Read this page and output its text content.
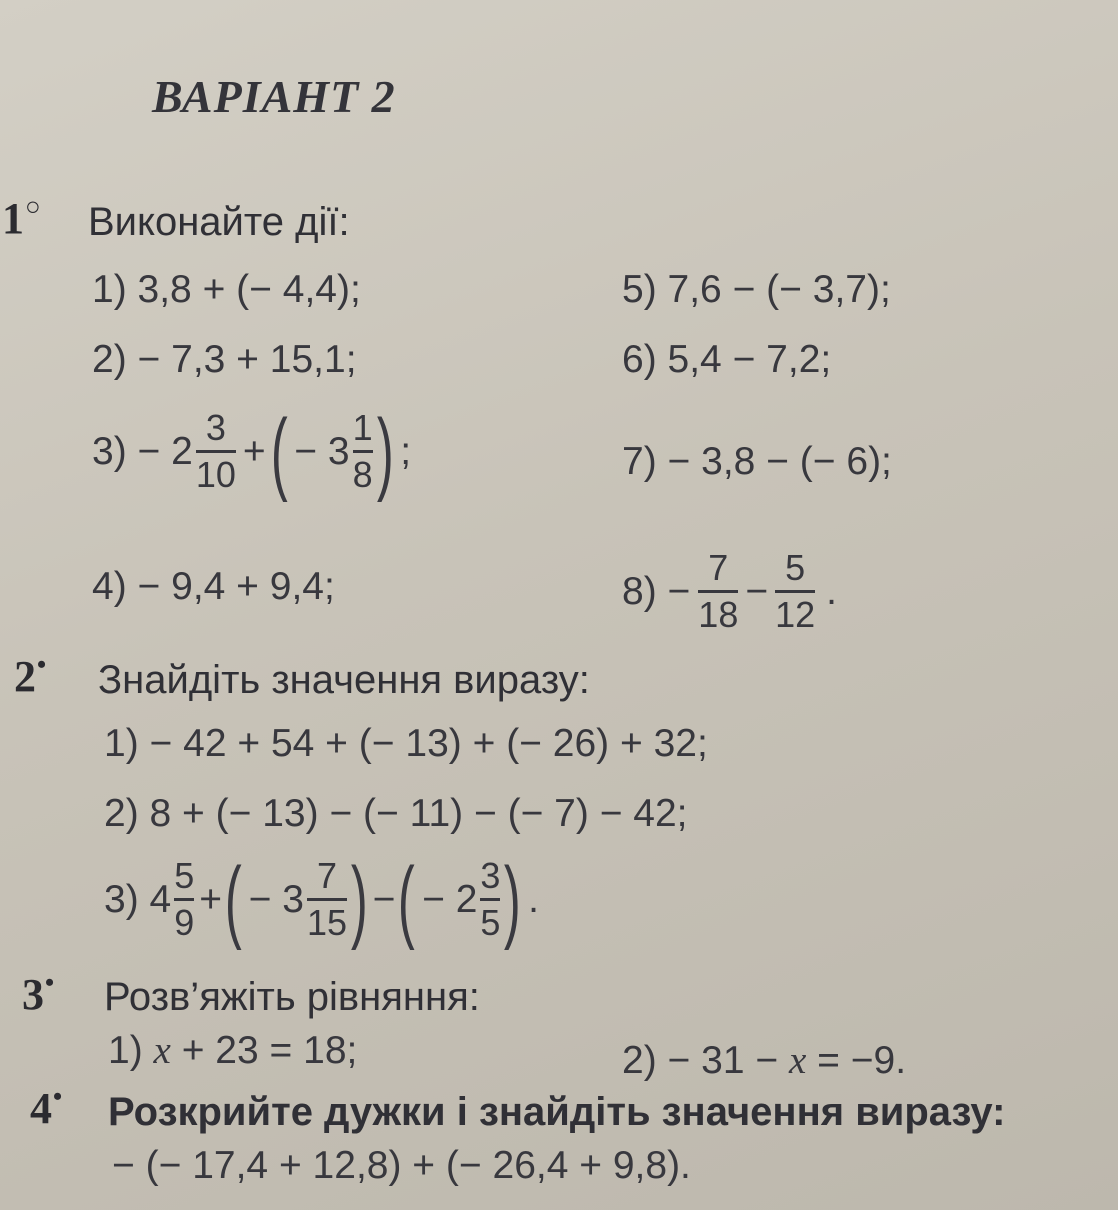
ВАРІАНТ 2
1○ Виконайте дії:
1) 3,8 + (− 4,4);
2) − 7,3 + 15,1;
$3) - 2 \frac{3}{10}$ + ( − $3 \frac{1}{8}$ ) ;
4) − 9,4 + 9,4;
5) 7,6 − (− 3,7);
6) 5,4 − 7,2;
7) − 3,8 − (− 6);
$8) - \frac{7}{18} - \frac{5}{12}$ .
2• Знайдіть значення виразу:
1) − 42 + 54 + (− 13) + (− 26) + 32;
2) 8 + (− 13) − (− 11) − (− 7) − 42;
3) $4 \frac{5}{9}$ + ( − $3 \frac{7}{15}$ ) − ( − $2 \frac{3}{5}$ ) .
3• Розв’яжіть рівняння:
1) x + 23 = 18;	2) − 31 − x = −9.
4• Розкрийте дужки і знайдіть значення виразу:
− (− 17,4 + 12,8) + (− 26,4 + 9,8).
